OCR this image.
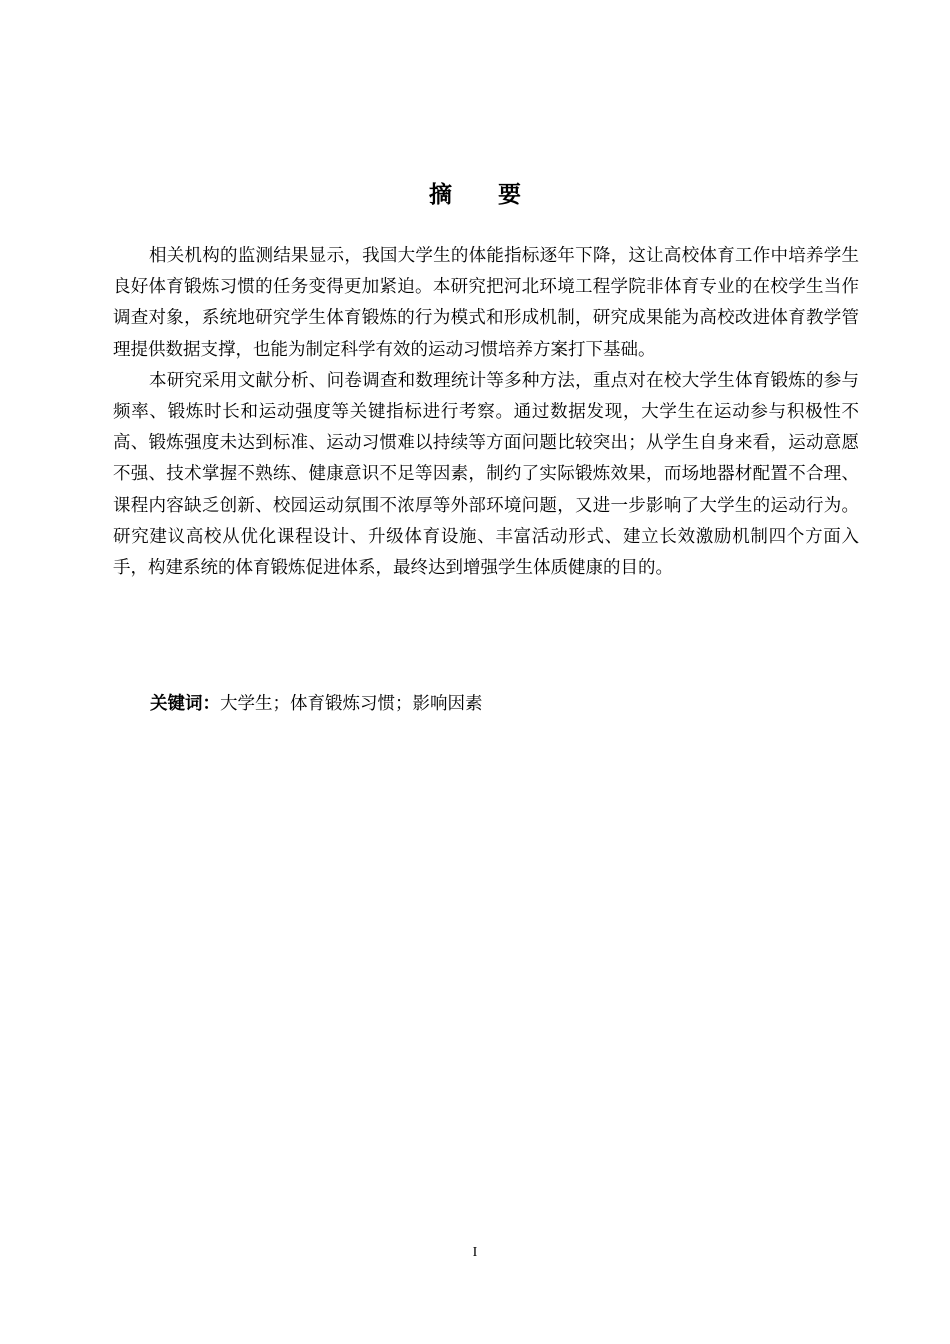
摘要

相关机构的监测结果显示，我国大学生的体能指标逐年下降，这让高校体育工作中培养学生良好体育锻炼习惯的任务变得更加紧迫。本研究把河北环境工程学院非体育专业的在校学生当作调查对象，系统地研究学生体育锻炼的行为模式和形成机制，研究成果能为高校改进体育教学管理提供数据支撑，也能为制定科学有效的运动习惯培养方案打下基础。

本研究采用文献分析、问卷调查和数理统计等多种方法，重点对在校大学生体育锻炼的参与频率、锻炼时长和运动强度等关键指标进行考察。通过数据发现，大学生在运动参与积极性不高、锻炼强度未达到标准、运动习惯难以持续等方面问题比较突出；从学生自身来看，运动意愿不强、技术掌握不熟练、健康意识不足等因素，制约了实际锻炼效果，而场地器材配置不合理、课程内容缺乏创新、校园运动氛围不浓厚等外部环境问题，又进一步影响了大学生的运动行为。研究建议高校从优化课程设计、升级体育设施、丰富活动形式、建立长效激励机制四个方面入手，构建系统的体育锻炼促进体系，最终达到增强学生体质健康的目的。

关键词：大学生；体育锻炼习惯；影响因素
I
